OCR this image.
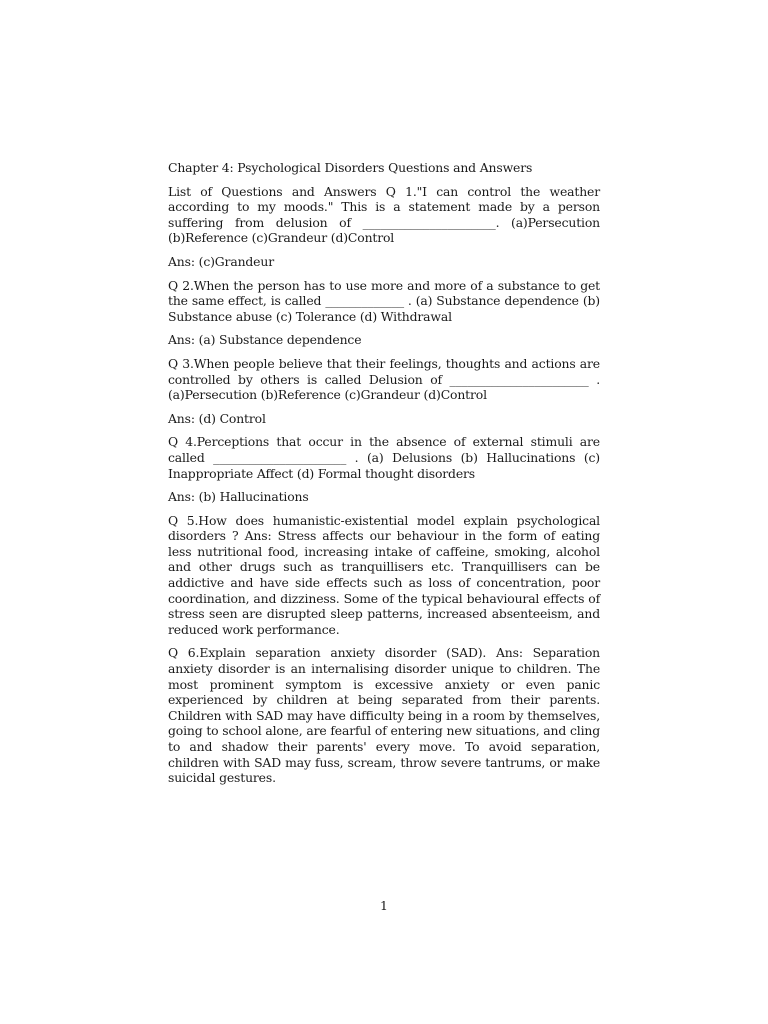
Chapter 4: Psychological Disorders Questions and Answers

List of Questions and Answers Q 1."I can control the weather according to my moods." This is a statement made by a person suffering from delusion of ______________________. (a)Persecution (b)Reference (c)Grandeur (d)Control

Ans: (c)Grandeur

Q 2.When the person has to use more and more of a substance to get the same effect, is called _____________ . (a) Substance dependence (b) Substance abuse (c) Tolerance (d) Withdrawal

Ans: (a) Substance dependence

Q 3.When people believe that their feelings, thoughts and actions are controlled by others is called Delusion of _______________________ . (a)Persecution (b)Reference (c)Grandeur (d)Control

Ans: (d) Control

Q 4.Perceptions that occur in the absence of external stimuli are called ______________________ . (a) Delusions (b) Hallucinations (c) Inappropriate Affect (d) Formal thought disorders

Ans: (b) Hallucinations

Q 5.How does humanistic-existential model explain psychological disorders ? Ans: Stress affects our behaviour in the form of eating less nutritional food, increasing intake of caffeine, smoking, alcohol and other drugs such as tranquillisers etc. Tranquillisers can be addictive and have side effects such as loss of concentration, poor coordination, and dizziness. Some of the typical behavioural effects of stress seen are disrupted sleep patterns, increased absenteeism, and reduced work performance.

Q 6.Explain separation anxiety disorder (SAD). Ans: Separation anxiety disorder is an internalising disorder unique to children. The most prominent symptom is excessive anxiety or even panic experienced by children at being separated from their parents. Children with SAD may have difficulty being in a room by themselves, going to school alone, are fearful of entering new situations, and cling to and shadow their parents' every move. To avoid separation, children with SAD may fuss, scream, throw severe tantrums, or make suicidal gestures.

1
